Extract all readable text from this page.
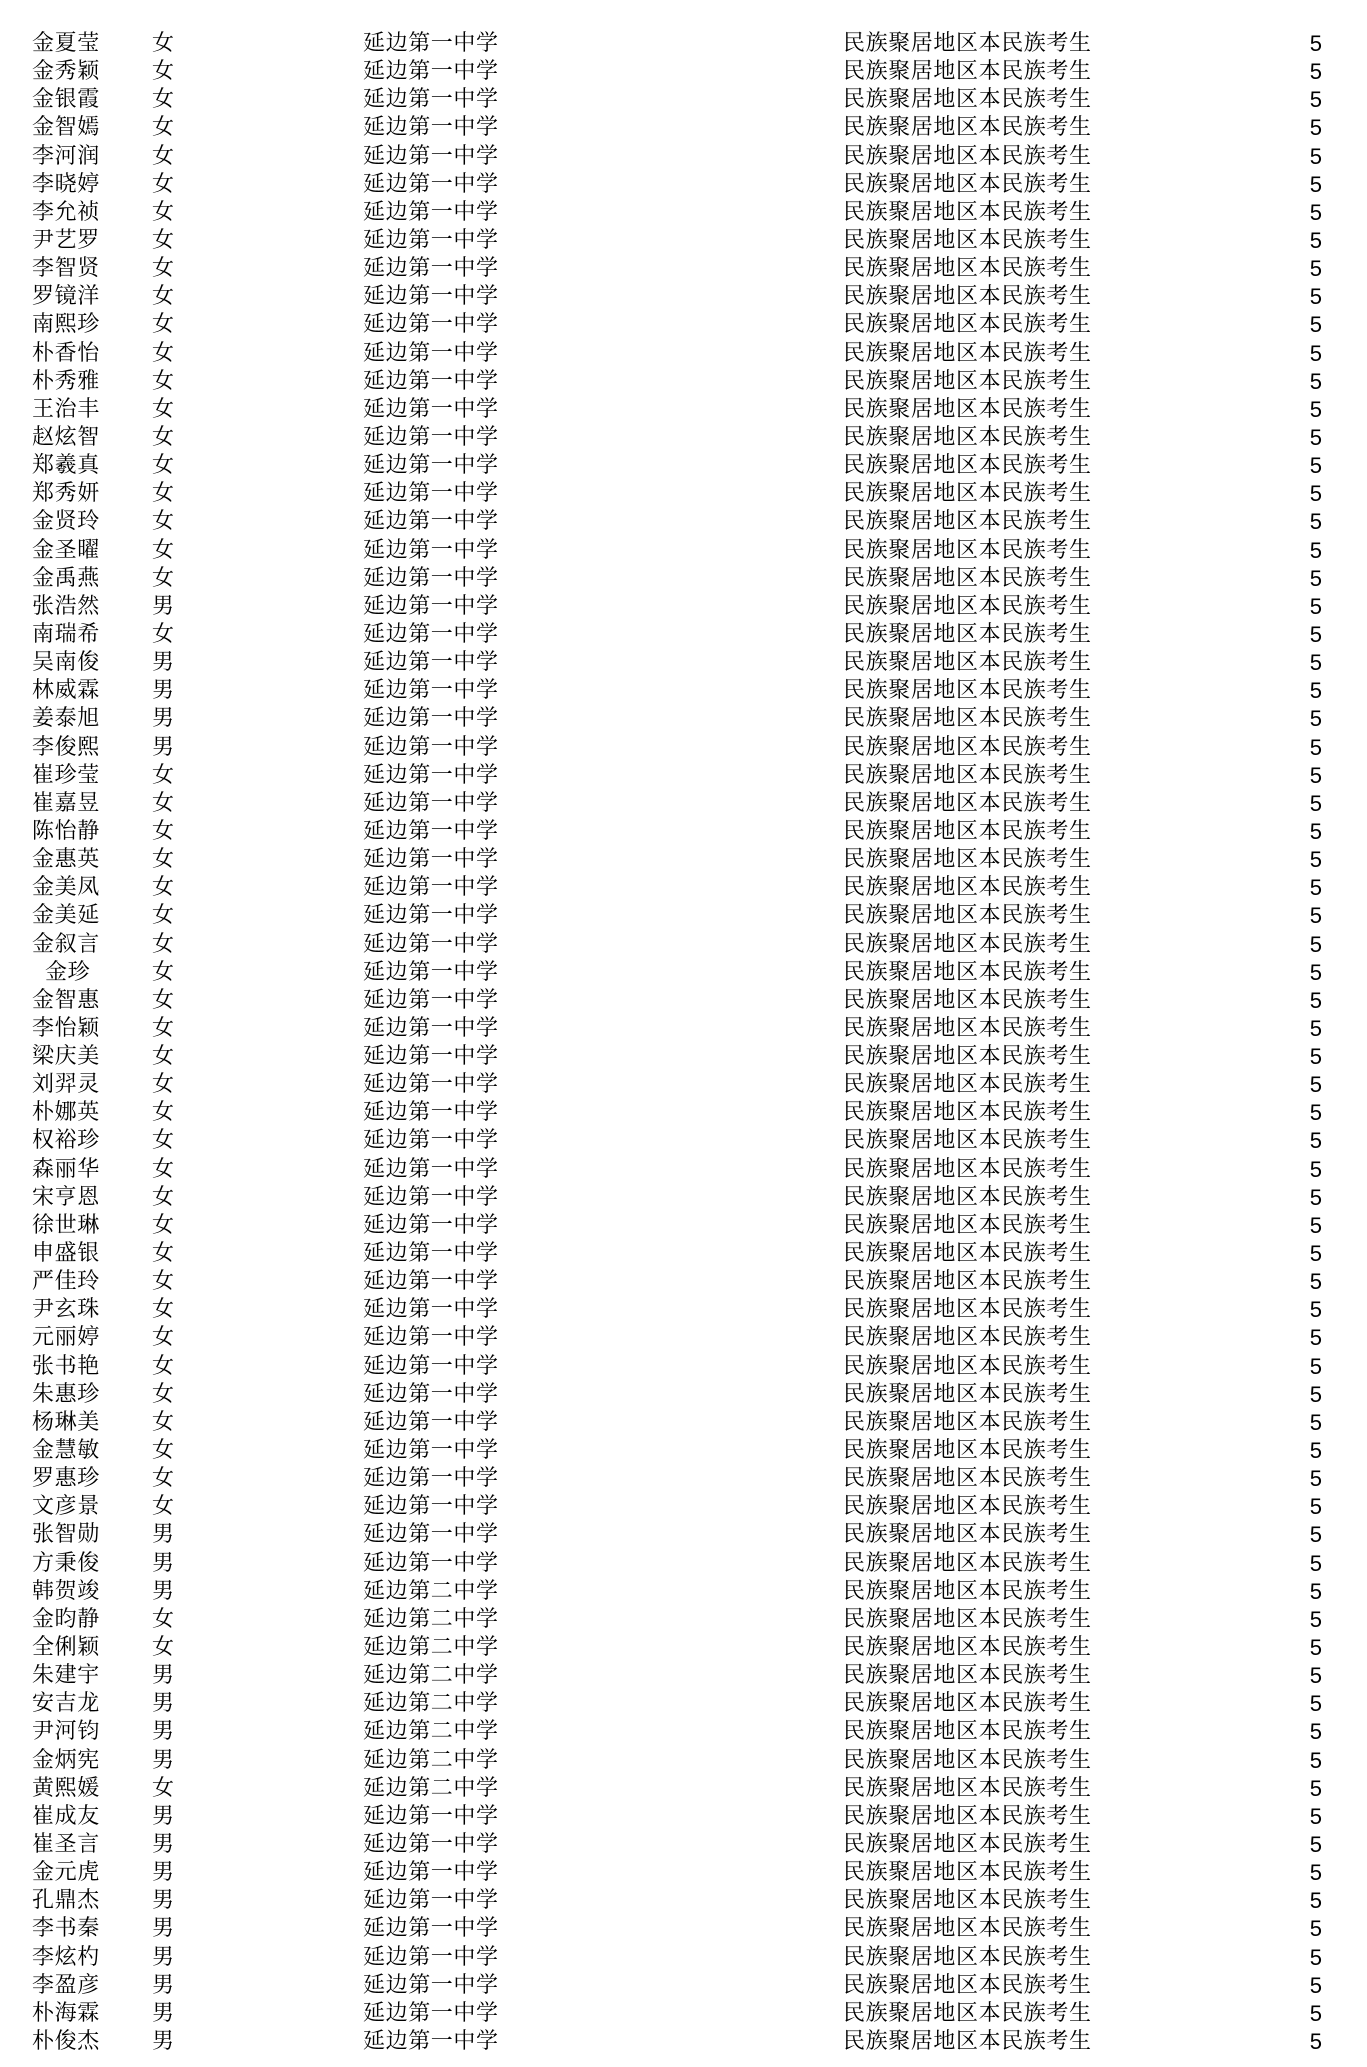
金夏莹 女	延边第一中学	民族聚居地区本民族考生	5
金秀颖 女	延边第一中学	民族聚居地区本民族考生	5
金银霞 女	延边第一中学	民族聚居地区本民族考生	5
金智嫣 女	延边第一中学	民族聚居地区本民族考生	5
李河润 女	延边第一中学	民族聚居地区本民族考生	5
李晓婷 女	延边第一中学	民族聚居地区本民族考生	5
李允祯 女	延边第一中学	民族聚居地区本民族考生	5
尹艺罗 女	延边第一中学	民族聚居地区本民族考生	5
李智贤 女	延边第一中学	民族聚居地区本民族考生	5
罗镜洋 女	延边第一中学	民族聚居地区本民族考生	5
南熙珍 女	延边第一中学	民族聚居地区本民族考生	5
朴香怡 女	延边第一中学	民族聚居地区本民族考生	5
朴秀雅 女	延边第一中学	民族聚居地区本民族考生	5
王治丰 女	延边第一中学	民族聚居地区本民族考生	5
赵炫智 女	延边第一中学	民族聚居地区本民族考生	5
郑羲真 女	延边第一中学	民族聚居地区本民族考生	5
郑秀妍 女	延边第一中学	民族聚居地区本民族考生	5
金贤玲 女	延边第一中学	民族聚居地区本民族考生	5
金圣曜 女	延边第一中学	民族聚居地区本民族考生	5
金禹燕 女	延边第一中学	民族聚居地区本民族考生	5
张浩然 男	延边第一中学	民族聚居地区本民族考生	5
南瑞希 女	延边第一中学	民族聚居地区本民族考生	5
吴南俊 男	延边第一中学	民族聚居地区本民族考生	5
林威霖 男	延边第一中学	民族聚居地区本民族考生	5
姜泰旭 男	延边第一中学	民族聚居地区本民族考生	5
李俊熙 男	延边第一中学	民族聚居地区本民族考生	5
崔珍莹 女	延边第一中学	民族聚居地区本民族考生	5
崔嘉昱 女	延边第一中学	民族聚居地区本民族考生	5
陈怡静 女	延边第一中学	民族聚居地区本民族考生	5
金惠英 女	延边第一中学	民族聚居地区本民族考生	5
金美凤 女	延边第一中学	民族聚居地区本民族考生	5
金美延 女	延边第一中学	民族聚居地区本民族考生	5
金叙言 女	延边第一中学	民族聚居地区本民族考生	5
金珍	女	延边第一中学	民族聚居地区本民族考生	5
金智惠 女	延边第一中学	民族聚居地区本民族考生	5
李怡颖 女	延边第一中学	民族聚居地区本民族考生	5
梁庆美 女	延边第一中学	民族聚居地区本民族考生	5
刘羿灵 女	延边第一中学	民族聚居地区本民族考生	5
朴娜英 女	延边第一中学	民族聚居地区本民族考生	5
权裕珍 女	延边第一中学	民族聚居地区本民族考生	5
森丽华 女	延边第一中学	民族聚居地区本民族考生	5
宋亨恩 女	延边第一中学	民族聚居地区本民族考生	5
徐世琳 女	延边第一中学	民族聚居地区本民族考生	5
申盛银 女	延边第一中学	民族聚居地区本民族考生	5
严佳玲 女	延边第一中学	民族聚居地区本民族考生	5
尹玄珠 女	延边第一中学	民族聚居地区本民族考生	5
元丽婷 女	延边第一中学	民族聚居地区本民族考生	5
张书艳 女	延边第一中学	民族聚居地区本民族考生	5
朱惠珍 女	延边第一中学	民族聚居地区本民族考生	5
杨琳美 女	延边第一中学	民族聚居地区本民族考生	5
金慧敏 女	延边第一中学	民族聚居地区本民族考生	5
罗惠珍 女	延边第一中学	民族聚居地区本民族考生	5
文彦景 女	延边第一中学	民族聚居地区本民族考生	5
张智勋 男	延边第一中学	民族聚居地区本民族考生	5
方秉俊 男	延边第一中学	民族聚居地区本民族考生	5
韩贺竣 男	延边第二中学	民族聚居地区本民族考生	5
金昀静 女	延边第二中学	民族聚居地区本民族考生	5
全俐颖 女	延边第二中学	民族聚居地区本民族考生	5
朱建宇 男	延边第二中学	民族聚居地区本民族考生	5
安吉龙 男	延边第二中学	民族聚居地区本民族考生	5
尹河钧 男	延边第二中学	民族聚居地区本民族考生	5
金炳宪 男	延边第二中学	民族聚居地区本民族考生	5
黄熙媛 女	延边第二中学	民族聚居地区本民族考生	5
崔成友 男	延边第一中学	民族聚居地区本民族考生	5
崔圣言 男	延边第一中学	民族聚居地区本民族考生	5
金元虎 男	延边第一中学	民族聚居地区本民族考生	5
孔鼎杰 男	延边第一中学	民族聚居地区本民族考生	5
李书秦 男	延边第一中学	民族聚居地区本民族考生	5
李炫杓 男	延边第一中学	民族聚居地区本民族考生	5
李盈彦 男	延边第一中学	民族聚居地区本民族考生	5
朴海霖 男	延边第一中学	民族聚居地区本民族考生	5
朴俊杰 男	延边第一中学	民族聚居地区本民族考生	5
